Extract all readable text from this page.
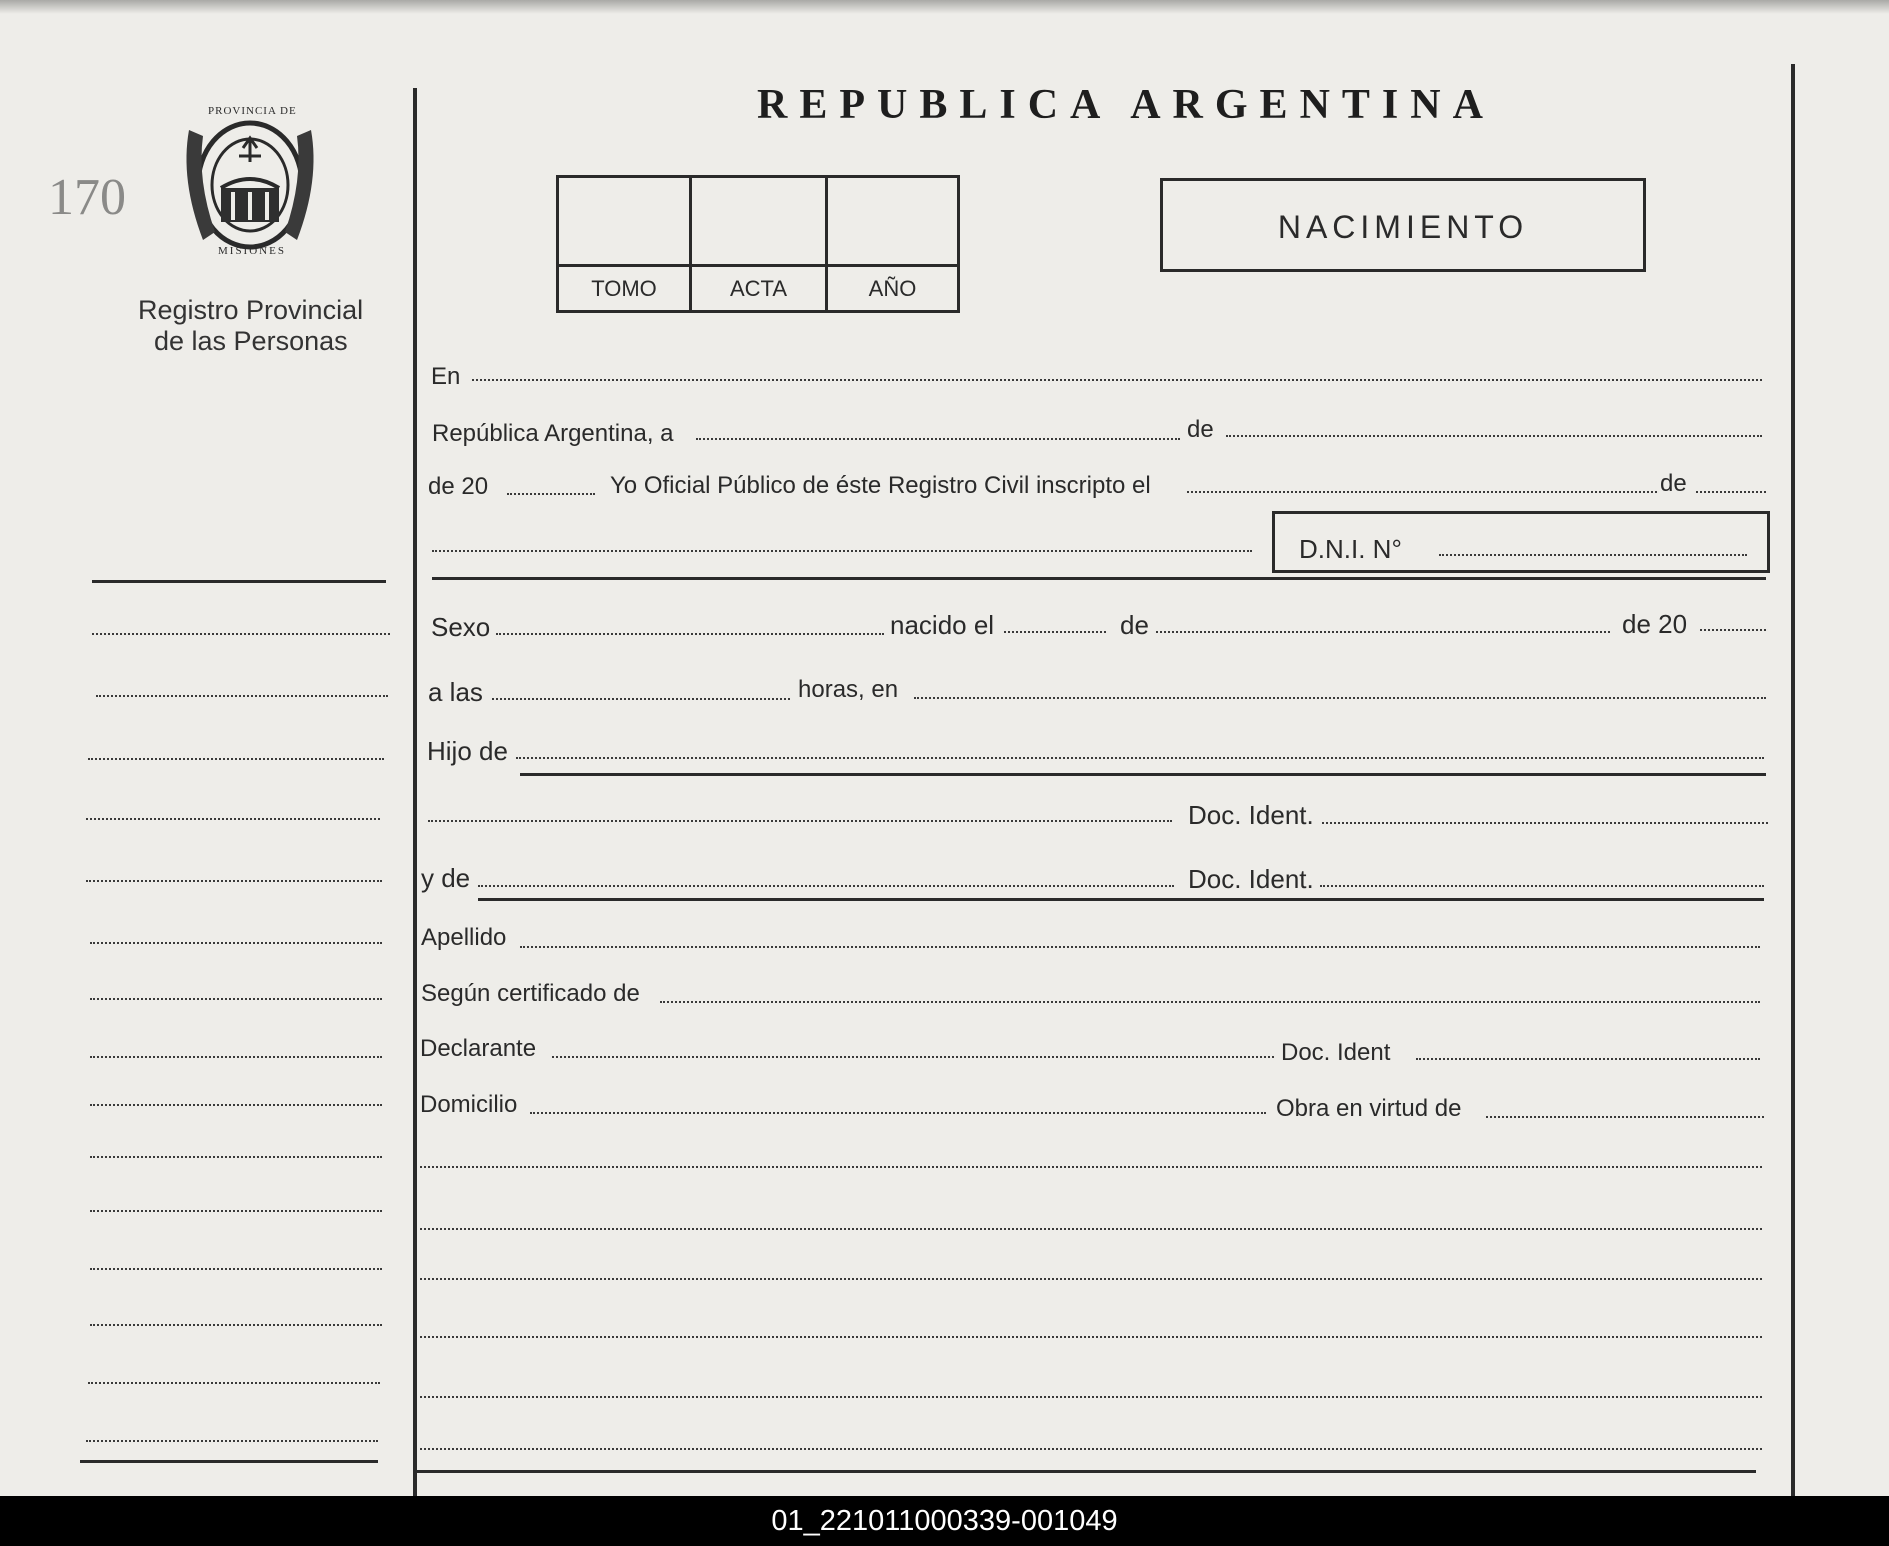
170
PROVINCIA DE
MISIONES
Registro Provincial
de las Personas
REPUBLICA ARGENTINA
TOMO	ACTA	AÑO
NACIMIENTO
En
República Argentina, a	de
de 20	Yo Oficial Público de éste Registro Civil inscripto el	de
D.N.I. N°
Sexo	nacido el	de	de 20
a las	horas, en
Hijo de
Doc. Ident.
y de	Doc. Ident.
Apellido
Según certificado de
Declarante	Doc. Ident
Domicilio	Obra en virtud de
01_221011000339-001049
